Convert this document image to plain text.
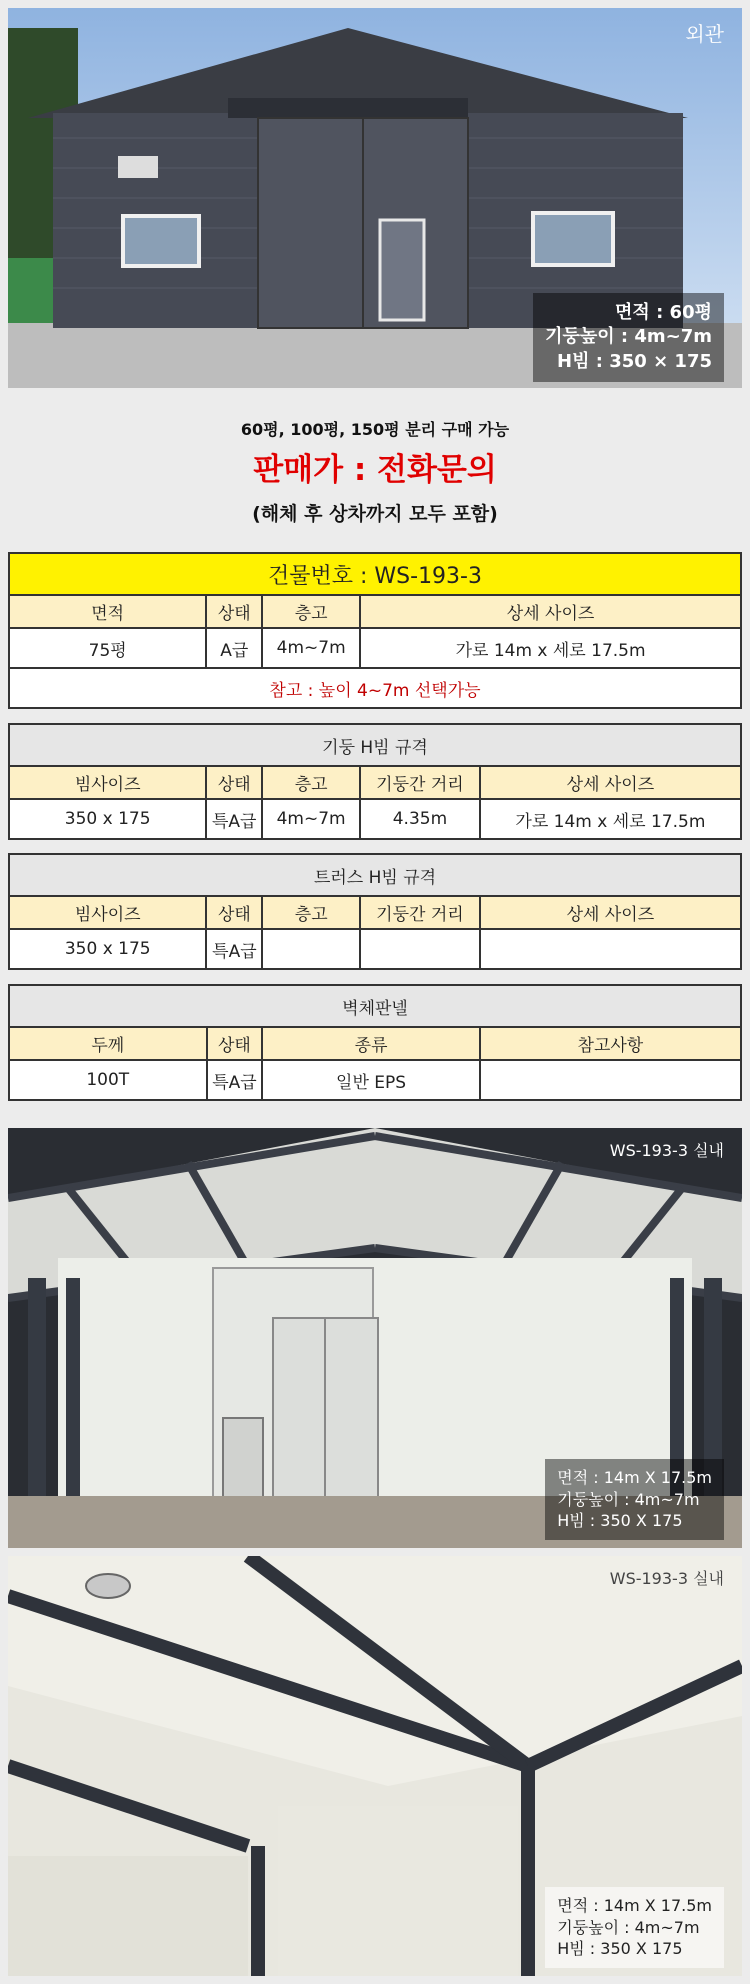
외관
면적 : 60평
기둥높이 : 4m~7m
H빔 : 350 × 175
60평, 100평, 150평 분리 구매 가능
판매가 : 전화문의
(해체 후 상차까지 모두 포함)
건물번호 : WS-193-3			
면적	상태	층고	상세 사이즈
75평	A급	4m~7m	가로 14m x 세로 17.5m
참고 : 높이 4~7m 선택가능			
기둥 H빔 규격				
빔사이즈	상태	층고	기둥간 거리	상세 사이즈
350 x 175	특A급	4m~7m	4.35m	가로 14m x 세로 17.5m
트러스 H빔 규격				
빔사이즈	상태	층고	기둥간 거리	상세 사이즈
350 x 175	특A급			
벽체판넬			
두께	상태	종류	참고사항
100T	특A급	일반 EPS	
WS-193-3 실내
면적 : 14m X 17.5m
기둥높이 : 4m~7m
H빔 : 350 X 175
WS-193-3 실내
면적 : 14m X 17.5m
기둥높이 : 4m~7m
H빔 : 350 X 175
